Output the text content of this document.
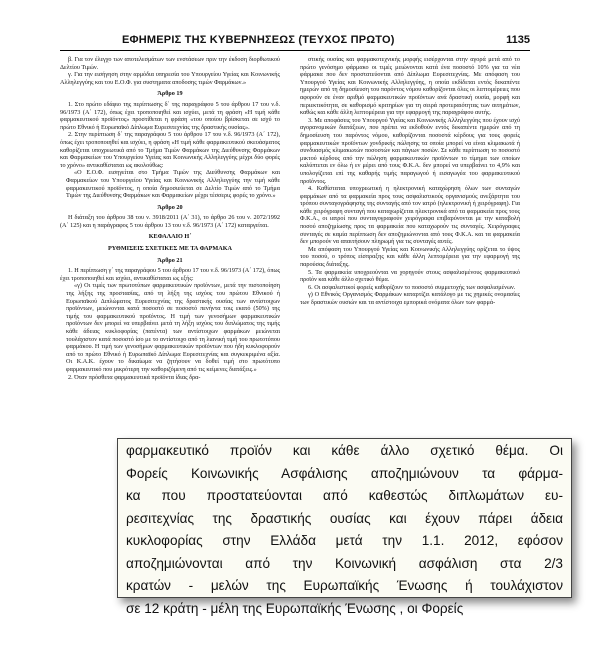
ΕΦΗΜΕΡΙΣ ΤΗΣ ΚΥΒΕΡΝΗΣΕΩΣ (ΤΕΥΧΟΣ ΠΡΩΤΟ)	1135

β. Για τον έλεγχο των αποτελεσμάτων των ενστάσεων πριν την έκδοση διορθωτικού Δελτίου Τιμών.

γ. Για την εισήγηση στην αρμόδια υπηρεσία του Υπουργείου Υγείας και Κοινωνικής Αλληλεγγύης και του Ε.Ο.Φ. για συστηματα αποδοσης τιμών Φαρμάκων.»

Άρθρο 19

1. Στο πρώτο εδάφιο της περίπτωσης δ΄ της παραγράφου 5 του άρθρου 17 του ν.δ. 96/1973 (Α΄ 172), όπως έχει τροποποιηθεί και ισχύει, μετά τη φράση «Η τιμή κάθε φαρμακευτικού προϊόντος» προστίθεται η φράση «του οποίου βρίσκεται σε ισχύ το πρώτο Εθνικό ή Ευρωπαϊκό Δίπλωμα Ευρεσιτεχνίας της δραστικής ουσίας».

2. Στην περίπτωση δ΄ της παραγράφου 5 του άρθρου 17 του ν.δ. 96/1973 (Α΄ 172), όπως έχει τροποποιηθεί και ισχύει, η φράση «Η τιμή κάθε φαρμακευτικού σκευάσματος καθορίζεται υποχρεωτικά από το Τμήμα Τιμών Φαρμάκων της Διεύθυνσης Φαρμάκων και Φαρμακείων του Υπουργείου Υγείας και Κοινωνικής Αλληλεγγύης μέχρι δύο φορές το χρόνο» αντικαθίσταται ως ακολούθως:

«Ο Ε.Ο.Φ. εισηγείται στο Τμήμα Τιμών της Διεύθυνσης Φαρμάκων και Φαρμακείων του Υπουργείου Υγείας και Κοινωνικής Αλληλεγγύης την τιμή κάθε φαρμακευτικού προϊόντος, η οποία δημοσιεύεται σε Δελτίο Τιμών από το Τμήμα Τιμών της Διεύθυνσης Φαρμάκων και Φαρμακείων μέχρι τέσσερις φορές το χρόνο.»

Άρθρο 20

Η διάταξη του άρθρου 38 του ν. 3918/2011 (Α΄ 31), το άρθρο 26 του ν. 2072/1992 (Α΄ 125) και η παράγραφος 5 του άρθρου 13 του ν.δ. 96/1973 (Α΄ 172) καταργείται.

ΚΕΦΑΛΑΙΟ Η΄

ΡΥΘΜΙΣΕΙΣ ΣΧΕΤΙΚΕΣ ΜΕ ΤΑ ΦΑΡΜΑΚΑ

Άρθρο 21

1. Η περίπτωση γ΄ της παραγράφου 5 του άρθρου 17 του ν.δ. 96/1973 (Α΄ 172), όπως έχει τροποποιηθεί και ισχύει, αντικαθίσταται ως εξής:

«γ) Οι τιμές των πρωτοτύπων φαρμακευτικών προϊόντων, μετά την πιστοποίηση της λήξης της προστασίας, από τη λήξη της ισχύος του πρώτου Εθνικού ή Ευρωπαϊκού Διπλώματος Ευρεσιτεχνίας της δραστικής ουσίας των αντίστοιχων προϊόντων, μειώνονται κατά ποσοστό σε ποσοστό πενήντα τοις εκατό (50%) της τιμής του φαρμακευτικού προϊόντος. Η τιμή των γενοσήμων φαρμακευτικών προϊόντων δεν μπορεί να υπερβαίνει μετά τη λήξη ισχύος του διπλώματος της τιμής κάθε άδειας κυκλοφορίας (πατέντα) των αντίστοιχων φαρμάκων μειώνεται τουλάχιστον κατά ποσοστό ίσο με το αντίστοιχο από τη λιανική τιμή του πρωτοτύπου φαρμάκου. Η τιμή των γενοσήμων φαρμακευτικών προϊόντων που ήδη κυκλοφορούν από το πρώτο Εθνικό ή Ευρωπαϊκό Δίπλωμα Ευρεσιτεχνίας και συγκεκριμένα αξία. Οι Κ.Α.Κ. έχουν το δικαίωμα να ζητήσουν να δοθεί τιμή στο πρωτότυπο φαρμακευτικό που μικρότερη την καθοριζόμενη από τις κείμενες διατάξεις.»

2. Όταν πρόσθετα φαρμακευτικά προϊόντα ίδιας δρα-

στικής ουσίας και φαρμακοτεχνικής μορφής εισέρχονται στην αγορά μετά από το πρώτο γενόσημο φάρμακο οι τιμές μειώνονται κατά ένα ποσοστό 10% για τα νέα φάρμακα που δεν προστατεύονται από Δίπλωμα Ευρεσιτεχνίας. Με απόφαση του Υπουργού Υγείας και Κοινωνικής Αλληλεγγύης, η οποία εκδίδεται εντός δεκαπέντε ημερών από τη δημοσίευση του παρόντος νόμου καθορίζονται όλες οι λεπτομέρειες που αφορούν σε έναν αριθμό φαρμακευτικών προϊόντων ανά δραστική ουσία, μορφή και περιεκτικότητα, σε καθορισμό κριτηρίων για τη σειρά προτεραιότητας των αιτημάτων, καθώς και κάθε άλλη λεπτομέρεια για την εφαρμογή της παραγράφου αυτής.

3. Με αποφάσεις του Υπουργού Υγείας και Κοινωνικής Αλληλεγγύης που έχουν ισχύ αγορανομικών διατάξεων, που πρέπει να εκδοθούν εντός δεκαπέντε ημερών από τη δημοσίευση του παρόντος νόμου, καθορίζονται ποσοστά κέρδους για τους φορείς φαρμακευτικών προϊόντων χονδρικής πώλησης τα οποία μπορεί να είναι κλιμακωτά ή συνδυασμός κλιμακωτών ποσοστών και πάγιων ποσών. Σε κάθε περίπτωση το ποσοστό μικτού κέρδους από την πώληση φαρμακευτικών προϊόντων το τίμημα των οποίων καλύπτεται εν όλω ή εν μέρει από τους Φ.Κ.Α. δεν μπορεί να υπερβαίνει το 4,9% και υπολογίζεται επί της καθαρής τιμής παραγωγού ή εισαγωγέα του φαρμακευτικού προϊόντος.

4. Καθίσταται υποχρεωτική η ηλεκτρονική καταχώρηση όλων των συνταγών φαρμάκων από τα φαρμακεία προς τους ασφαλιστικούς οργανισμούς ανεξάρτητα του τρόπου συνταγογράφησης της συνταγής από τον ιατρό (ηλεκτρονική ή χειρόγραφη). Για κάθε χειρόγραφη συνταγή που καταχωρίζεται ηλεκτρονικά από τα φαρμακεία προς τους Φ.Κ.Α., οι ιατροί που συνταγογραφούν χειρόγραφα επιβαρύνονται με την καταβολή ποσού αποζημίωσης προς τα φαρμακεία που καταχωρούν τις συνταγές. Χειρόγραφες συνταγές σε καμία περίπτωση δεν αποζημιώνονται από τους Φ.Κ.Α. και τα φαρμακεία δεν μπορούν να απαιτήσουν πληρωμή για τις συνταγές αυτές.

Με απόφαση του Υπουργού Υγείας και Κοινωνικής Αλληλεγγύης ορίζεται το ύψος του ποσού, ο τρόπος είσπραξης και κάθε άλλη λεπτομέρεια για την εφαρμογή της παρούσας διάταξης.

5. Τα φαρμακεία υποχρεούνται να χορηγούν στους ασφαλισμένους φαρμακευτικό προϊόν και κάθε άλλο σχετικό θέμα.

6. Οι ασφαλιστικοί φορείς καθορίζουν το ποσοστό συμμετοχής των ασφαλισμένων.

γ) Ο Εθνικός Οργανισμός Φαρμάκων καταρτίζει κατάλογο με τις χημικές ονομασίες των δραστικών ουσιών και τα αντίστοιχα εμπορικά ονόματα όλων των φαρμά-

φαρμακευτικό προϊόν και κάθε άλλο σχετικό θέμα. Οι
Φορείς Κοινωνικής Ασφάλισης αποζημιώνουν τα φάρμα-
κα που προστατεύονται από καθεστώς διπλωμάτων ευ-
ρεσιτεχνίας της δραστικής ουσίας και έχουν πάρει άδεια
κυκλοφορίας στην Ελλάδα μετά την 1.1. 2012, εφόσον
αποζημιώνονται από την Κοινωνική ασφάλιση στα 2/3
κρατών - μελών της Ευρωπαϊκής Ένωσης ή τουλάχιστον
σε 12 κράτη - μέλη της Ευρωπαϊκής Ένωσης , οι Φορείς
